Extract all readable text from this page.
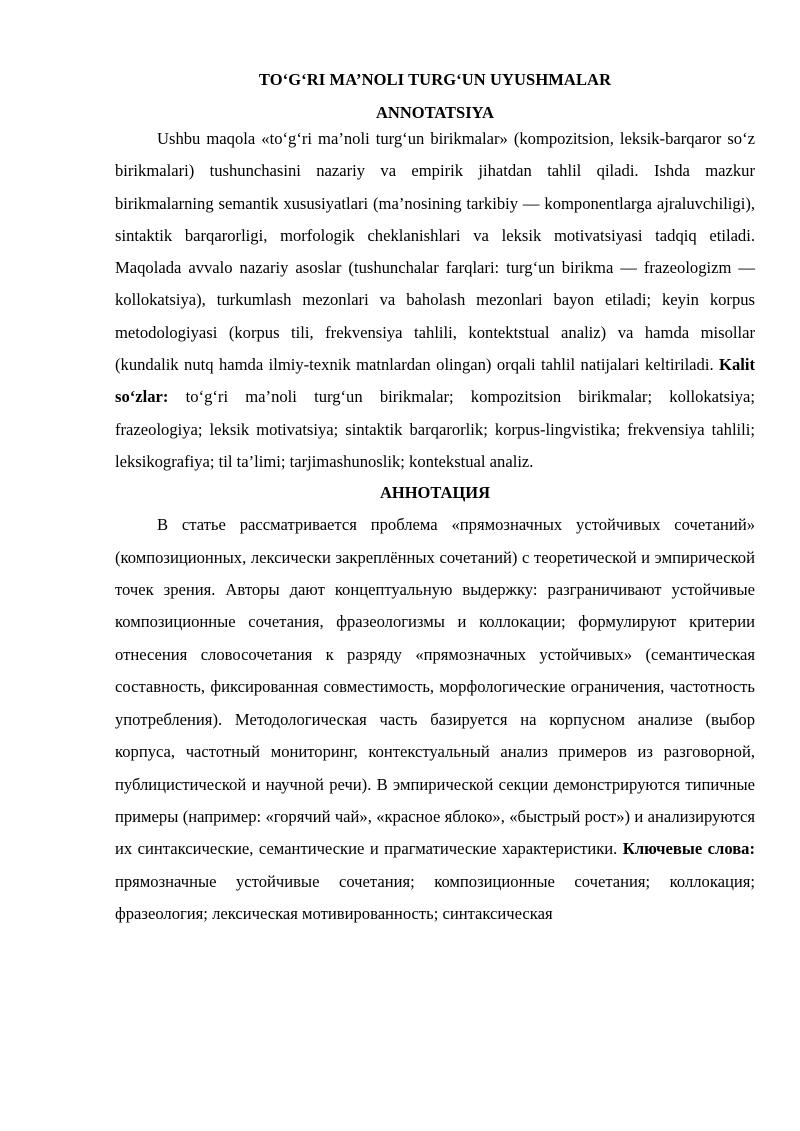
TO‘G‘RI MA’NOLI TURG‘UN UYUSHMALAR
ANNOTATSIYA

Ushbu maqola «to‘g‘ri ma’noli turg‘un birikmalar» (kompozitsion, leksik-barqaror so‘z birikmalari) tushunchasini nazariy va empirik jihatdan tahlil qiladi. Ishda mazkur birikmalarning semantik xususiyatlari (ma’nosining tarkibiy — komponentlarga ajraluvchiligi), sintaktik barqarorligi, morfologik cheklanishlari va leksik motivatsiyasi tadqiq etiladi. Maqolada avvalo nazariy asoslar (tushunchalar farqlari: turg‘un birikma — frazeologizm — kollokatsiya), turkumlash mezonlari va baholash mezonlari bayon etiladi; keyin korpus metodologiyasi (korpus tili, frekvensiya tahlili, kontektstual analiz) va hamda misollar (kundalik nutq hamda ilmiy-texnik matnlardan olingan) orqali tahlil natijalari keltiriladi. Kalit so‘zlar: to‘g‘ri ma’noli turg‘un birikmalar; kompozitsion birikmalar; kollokatsiya; frazeologiya; leksik motivatsiya; sintaktik barqarorlik; korpus-lingvistika; frekvensiya tahlili; leksikografiya; til ta’limi; tarjimashunoslik; kontekstual analiz.

АННОТАЦИЯ

В статье рассматривается проблема «прямозначных устойчивых сочетаний» (композиционных, лексически закреплённых сочетаний) с теоретической и эмпирической точек зрения. Авторы дают концептуальную выдержку: разграничивают устойчивые композиционные сочетания, фразеологизмы и коллокации; формулируют критерии отнесения словосочетания к разряду «прямозначных устойчивых» (семантическая составность, фиксированная совместимость, морфологические ограничения, частотность употребления). Методологическая часть базируется на корпусном анализе (выбор корпуса, частотный мониторинг, контекстуальный анализ примеров из разговорной, публицистической и научной речи). В эмпирической секции демонстрируются типичные примеры (например: «горячий чай», «красное яблоко», «быстрый рост») и анализируются их синтаксические, семантические и прагматические характеристики. Ключевые слова: прямозначные устойчивые сочетания; композиционные сочетания; коллокация; фразеология; лексическая мотивированность; синтаксическая
